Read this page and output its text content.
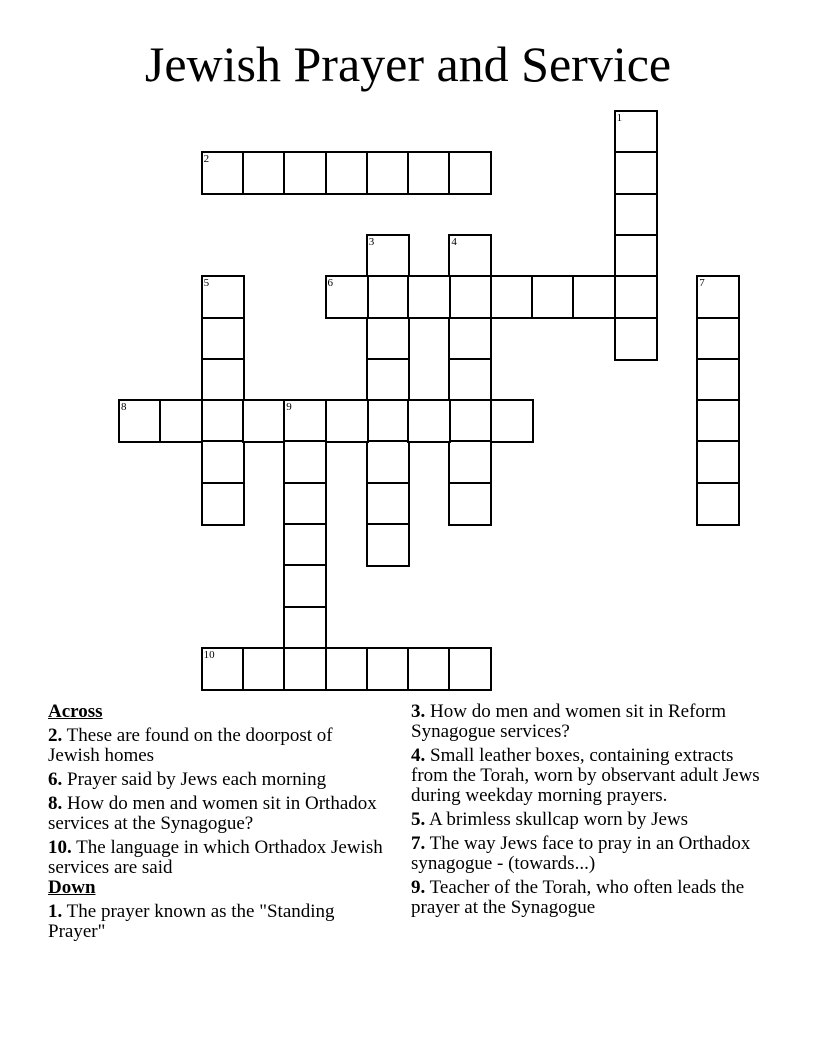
Jewish Prayer and Service
1
2
3	4
5	6	7
8	9
10
Across
2. These are found on the doorpost of Jewish homes
6. Prayer said by Jews each morning
8. How do men and women sit in Orthadox services at the Synagogue?
10. The language in which Orthadox Jewish services are said
Down
1. The prayer known as the "Standing Prayer"
3. How do men and women sit in Reform Synagogue services?
4. Small leather boxes, containing extracts from the Torah, worn by observant adult Jews during weekday morning prayers.
5. A brimless skullcap worn by Jews
7. The way Jews face to pray in an Orthadox synagogue - (towards...)
9. Teacher of the Torah, who often leads the prayer at the Synagogue
